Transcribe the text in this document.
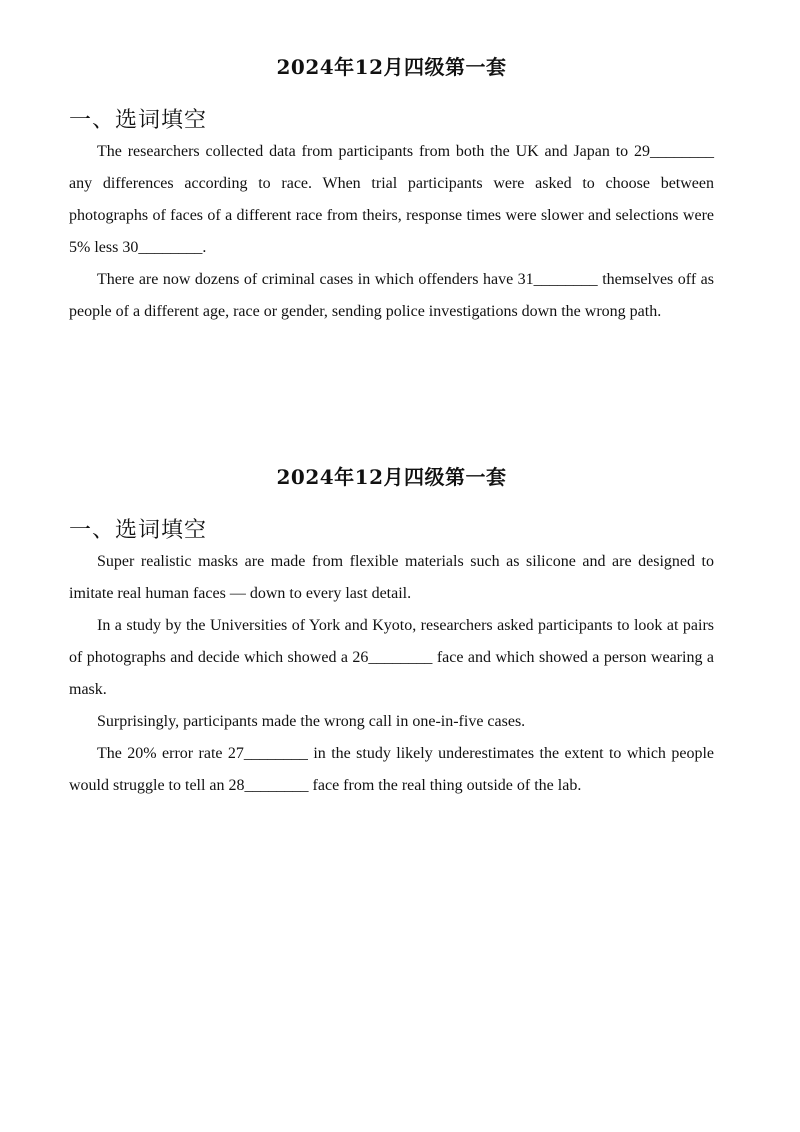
2024年12月四级第一套
一、选词填空

The researchers collected data from participants from both the UK and Japan to 29________ any differences according to race. When trial participants were asked to choose between photographs of faces of a different race from theirs, response times were slower and selections were 5% less 30________.

There are now dozens of criminal cases in which offenders have 31________ themselves off as people of a different age, race or gender, sending police investigations down the wrong path.

2024年12月四级第一套
一、选词填空

Super realistic masks are made from flexible materials such as silicone and are designed to imitate real human faces — down to every last detail.

In a study by the Universities of York and Kyoto, researchers asked participants to look at pairs of photographs and decide which showed a 26________ face and which showed a person wearing a mask.

Surprisingly, participants made the wrong call in one-in-five cases.

The 20% error rate 27________ in the study likely underestimates the extent to which people would struggle to tell an 28________ face from the real thing outside of the lab.
